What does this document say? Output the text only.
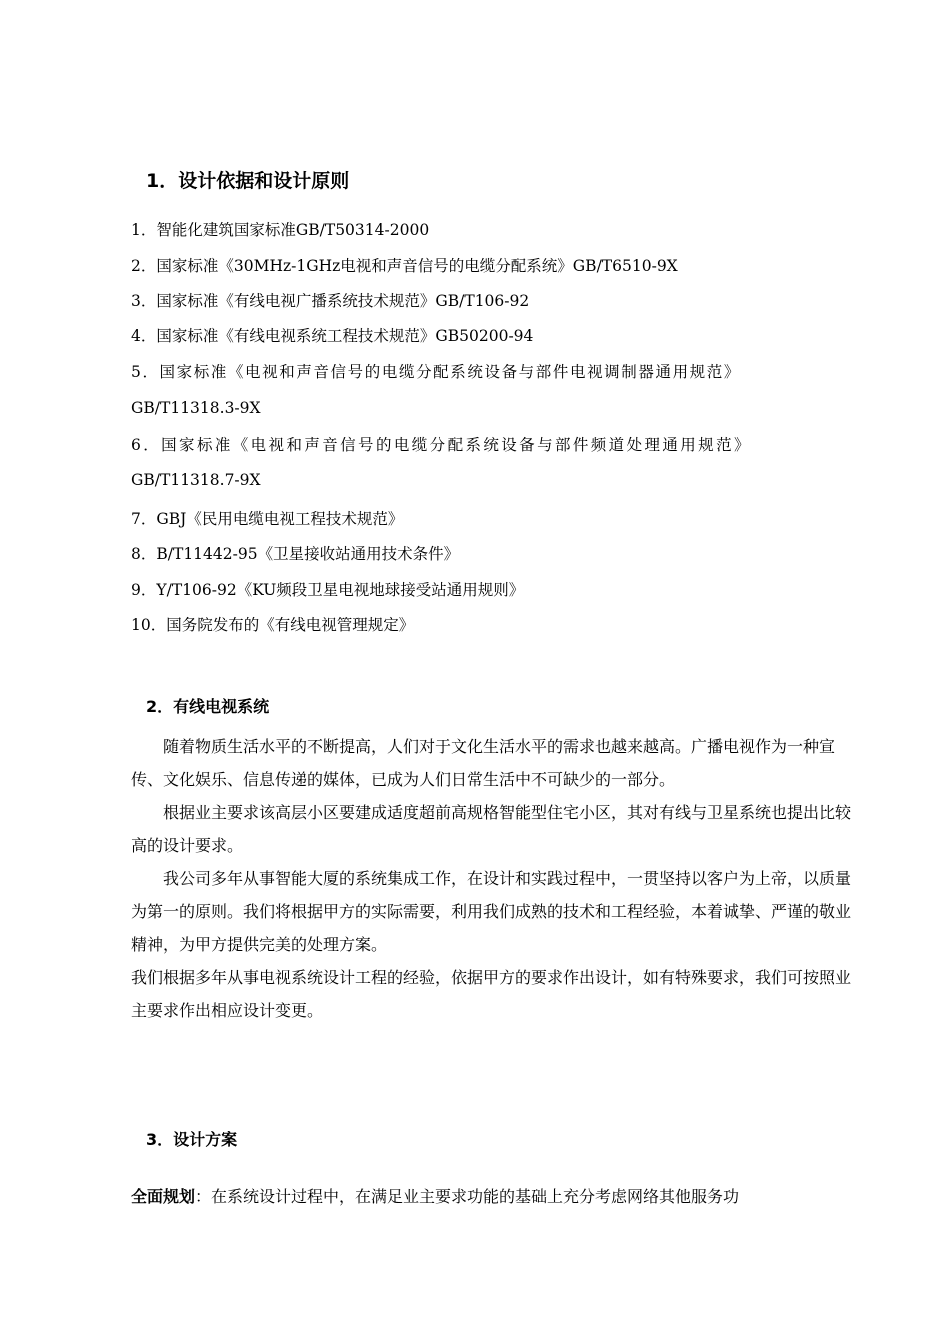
1．设计依据和设计原则
1．智能化建筑国家标准GB/T50314-2000
2．国家标准《30MHz-1GHz电视和声音信号的电缆分配系统》GB/T6510-9X
3．国家标准《有线电视广播系统技术规范》GB/T106-92
4．国家标准《有线电视系统工程技术规范》GB50200-94
5．国家标准《电视和声音信号的电缆分配系统设备与部件电视调制器通用规范》
GB/T11318.3-9X
6．国家标准《电视和声音信号的电缆分配系统设备与部件频道处理通用规范》
GB/T11318.7-9X
7．GBJ《民用电缆电视工程技术规范》
8．B/T11442-95《卫星接收站通用技术条件》
9．Y/T106-92《KU频段卫星电视地球接受站通用规则》
10．国务院发布的《有线电视管理规定》
2．有线电视系统

随着物质生活水平的不断提高，人们对于文化生活水平的需求也越来越高。广播电视作为一种宣传、文化娱乐、信息传递的媒体，已成为人们日常生活中不可缺少的一部分。

根据业主要求该高层小区要建成适度超前高规格智能型住宅小区，其对有线与卫星系统也提出比较高的设计要求。

我公司多年从事智能大厦的系统集成工作，在设计和实践过程中，一贯坚持以客户为上帝，以质量为第一的原则。我们将根据甲方的实际需要，利用我们成熟的技术和工程经验，本着诚挚、严谨的敬业精神，为甲方提供完美的处理方案。

我们根据多年从事电视系统设计工程的经验，依据甲方的要求作出设计，如有特殊要求，我们可按照业主要求作出相应设计变更。

3．设计方案
全面规划：在系统设计过程中，在满足业主要求功能的基础上充分考虑网络其他服务功
